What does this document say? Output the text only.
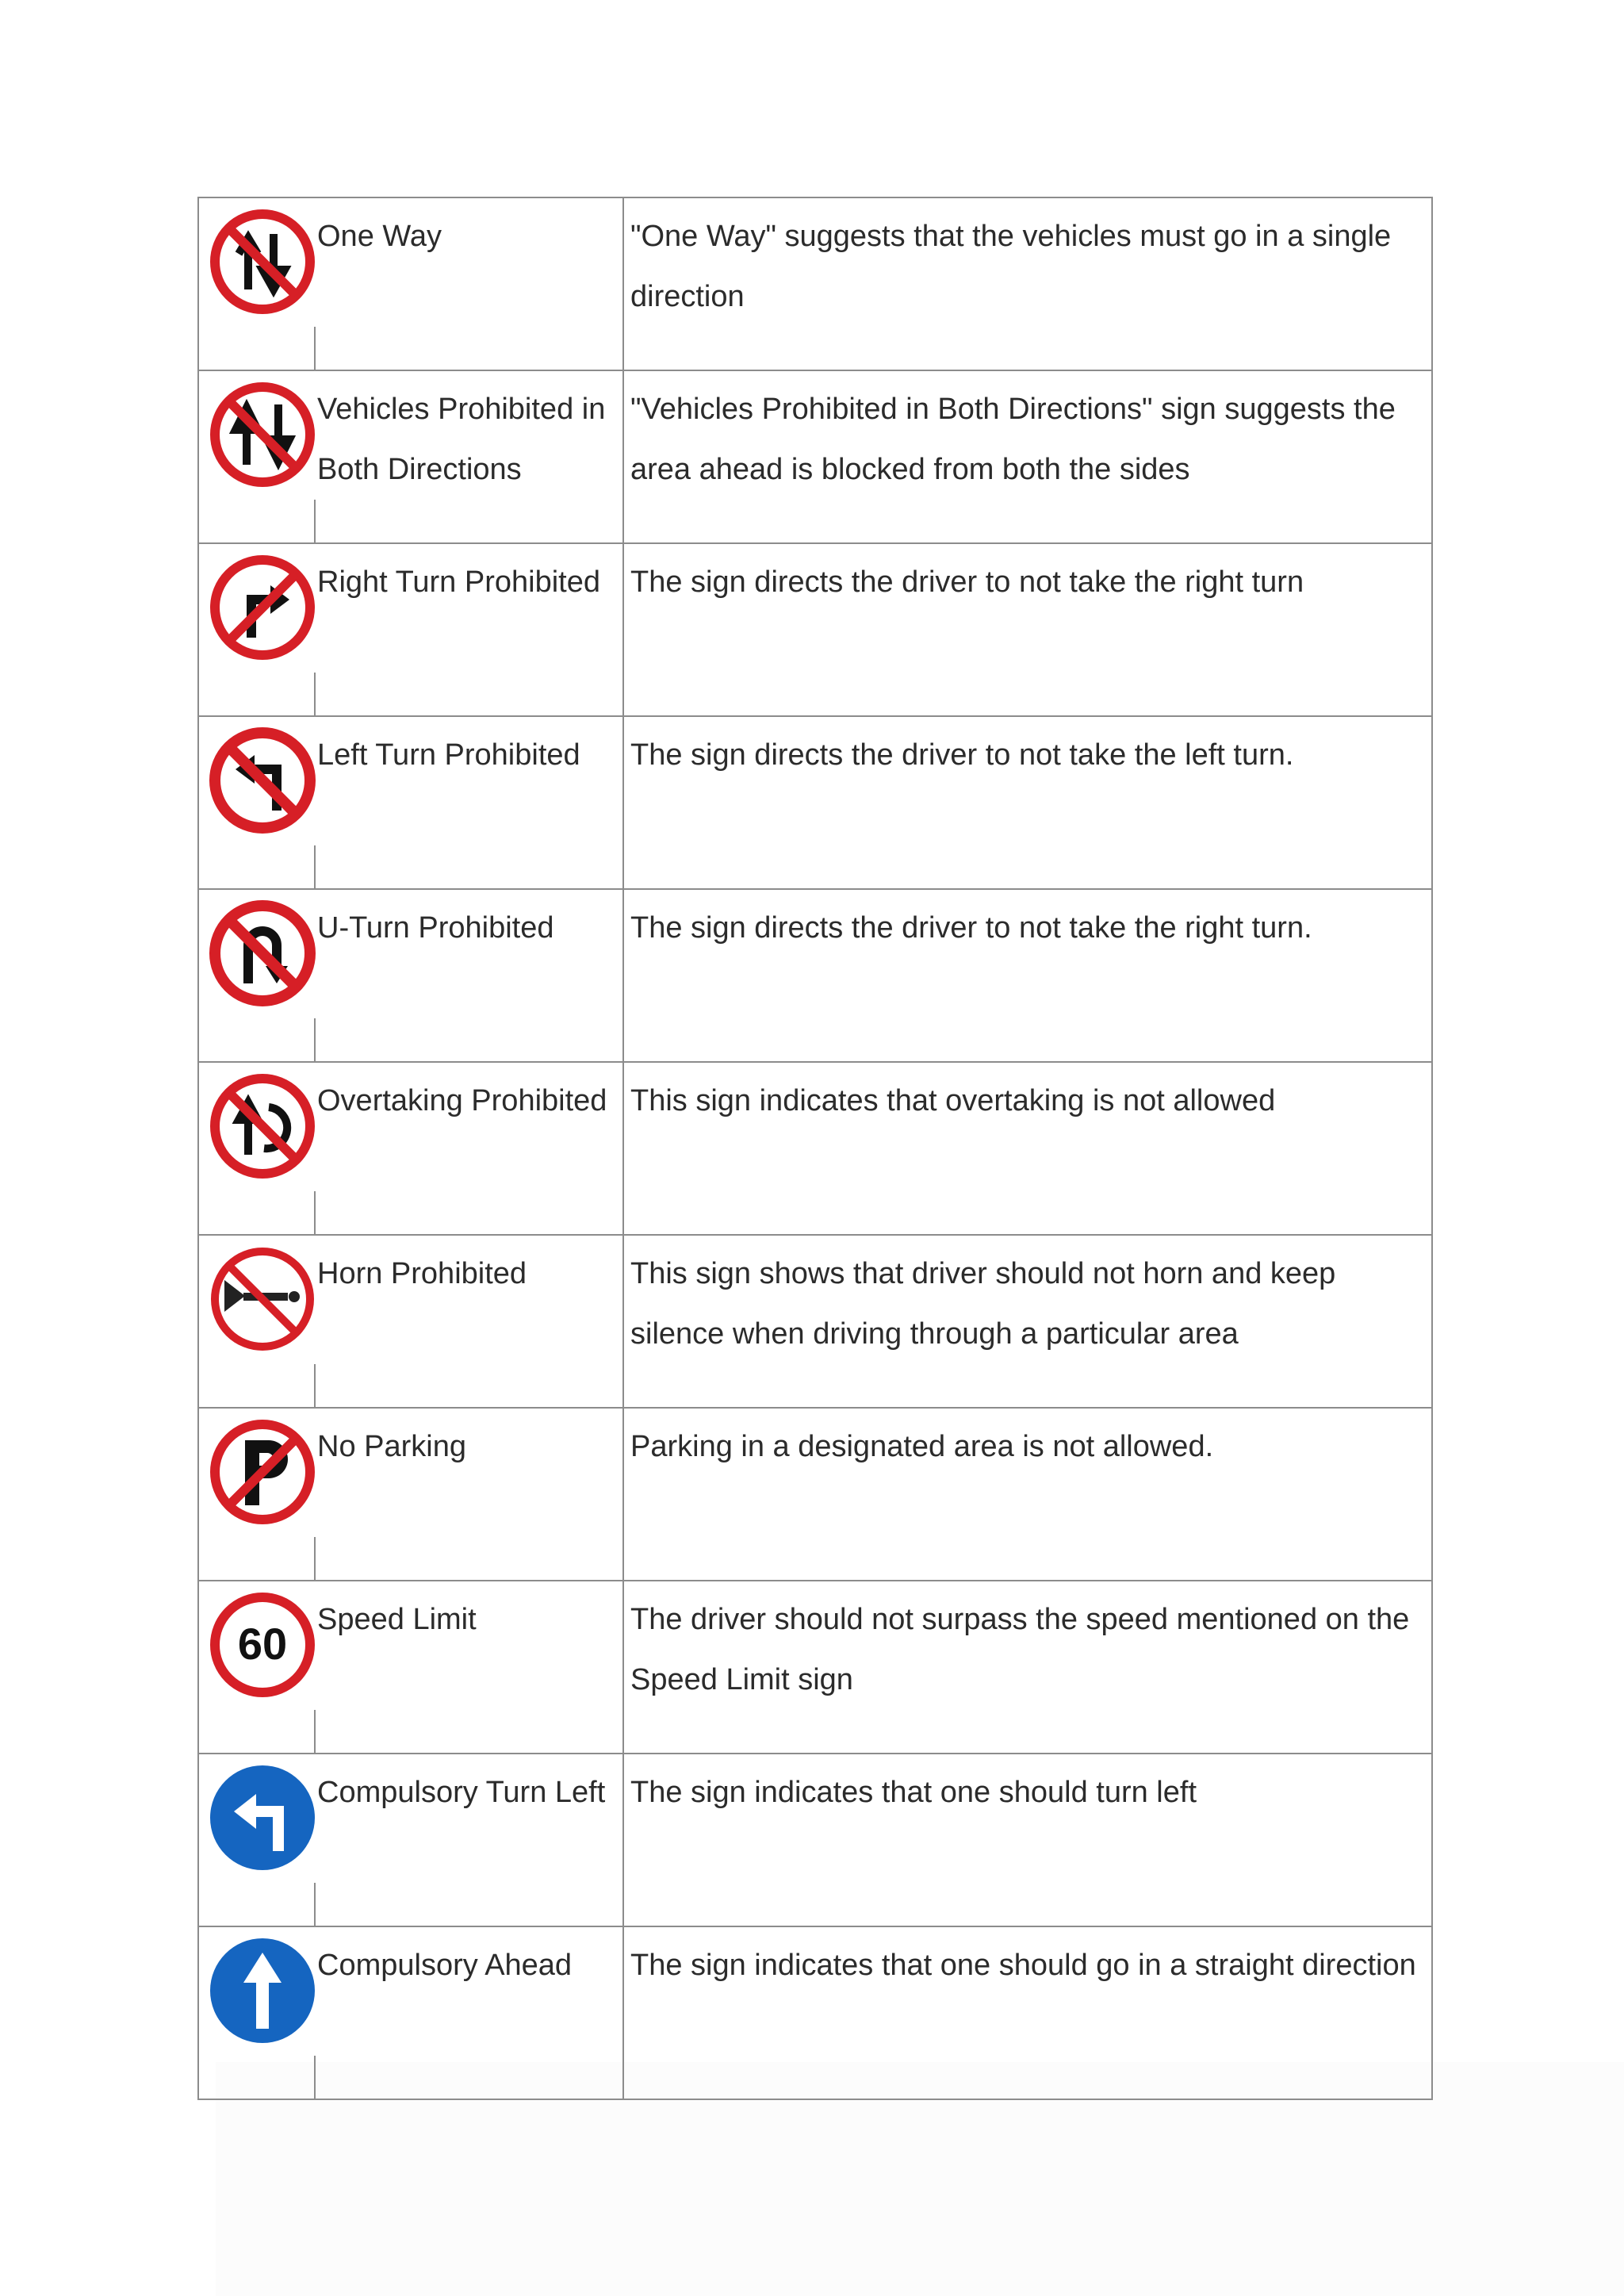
One Way	"One Way" suggests that the vehicles must go in a single direction

Vehicles Prohibited in Both Directions	"Vehicles Prohibited in Both Directions" sign suggests the area ahead is blocked from both the sides

Right Turn Prohibited	The sign directs the driver to not take the right turn

Left Turn Prohibited	The sign directs the driver to not take the left turn.

U-Turn Prohibited	The sign directs the driver to not take the right turn.

Overtaking Prohibited	This sign indicates that overtaking is not allowed

Horn Prohibited	This sign shows that driver should not horn and keep silence when driving through a particular area

No Parking	Parking in a designated area is not allowed.

60	Speed Limit	The driver should not surpass the speed mentioned on the Speed Limit sign

Compulsory Turn Left	The sign indicates that one should turn left

Compulsory Ahead	The sign indicates that one should go in a straight direction
